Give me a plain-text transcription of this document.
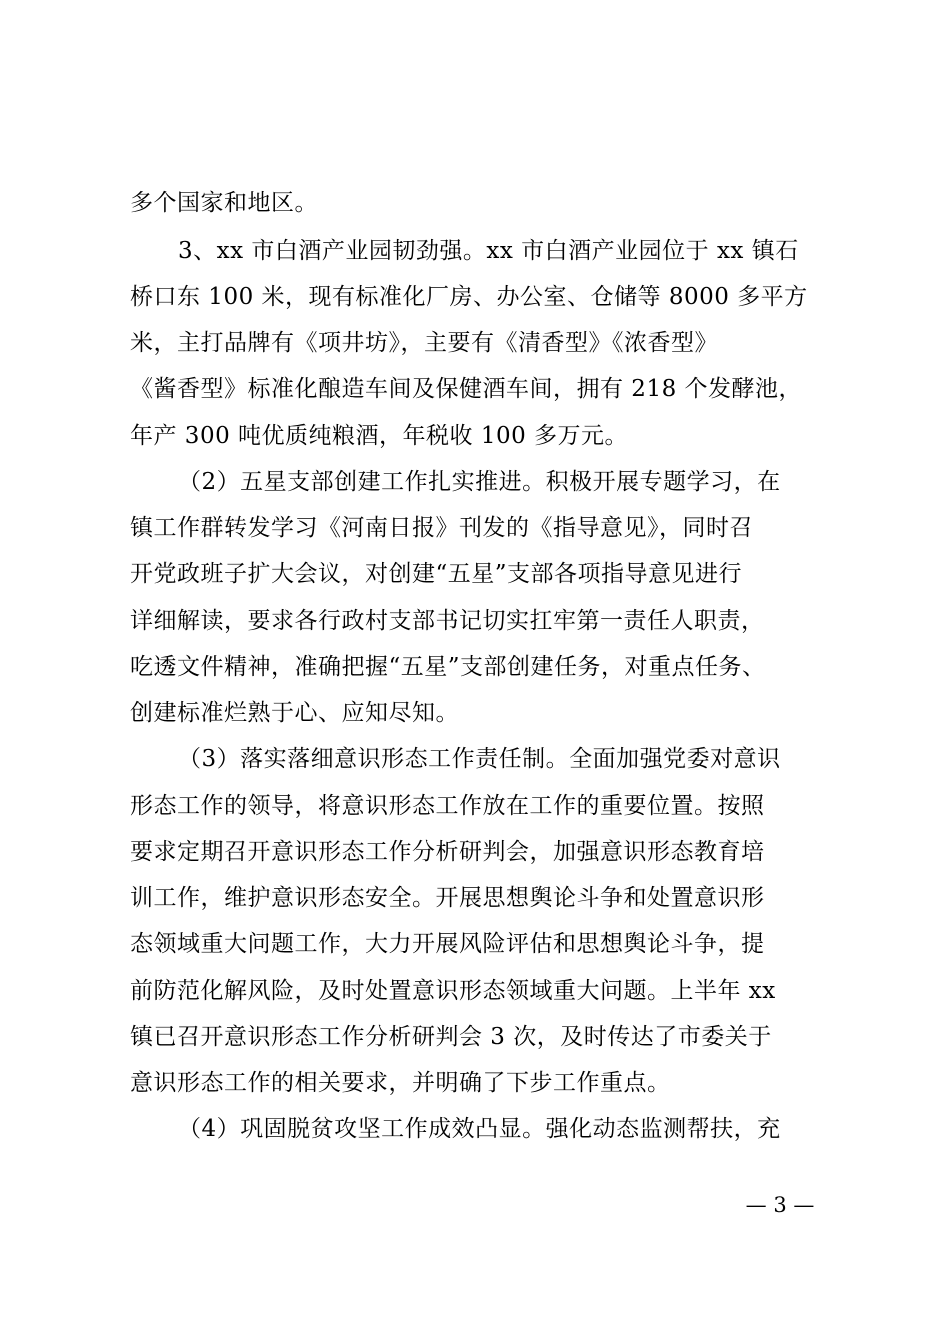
多个国家和地区。
3、xx 市白酒产业园韧劲强。xx 市白酒产业园位于 xx 镇石
桥口东 100 米，现有标准化厂房、办公室、仓储等 8000 多平方
米，主打品牌有《项井坊》，主要有《清香型》《浓香型》
《酱香型》标准化酿造车间及保健酒车间，拥有 218 个发酵池，
年产 300 吨优质纯粮酒，年税收 100 多万元。
（2）五星支部创建工作扎实推进。积极开展专题学习，在
镇工作群转发学习《河南日报》刊发的《指导意见》，同时召
开党政班子扩大会议，对创建“五星”支部各项指导意见进行
详细解读，要求各行政村支部书记切实扛牢第一责任人职责，
吃透文件精神，准确把握“五星”支部创建任务，对重点任务、
创建标准烂熟于心、应知尽知。
（3）落实落细意识形态工作责任制。全面加强党委对意识
形态工作的领导，将意识形态工作放在工作的重要位置。按照
要求定期召开意识形态工作分析研判会，加强意识形态教育培
训工作，维护意识形态安全。开展思想舆论斗争和处置意识形
态领域重大问题工作，大力开展风险评估和思想舆论斗争，提
前防范化解风险，及时处置意识形态领域重大问题。上半年 xx
镇已召开意识形态工作分析研判会 3 次，及时传达了市委关于
意识形态工作的相关要求，并明确了下步工作重点。
（4）巩固脱贫攻坚工作成效凸显。强化动态监测帮扶，充
— 3 —
